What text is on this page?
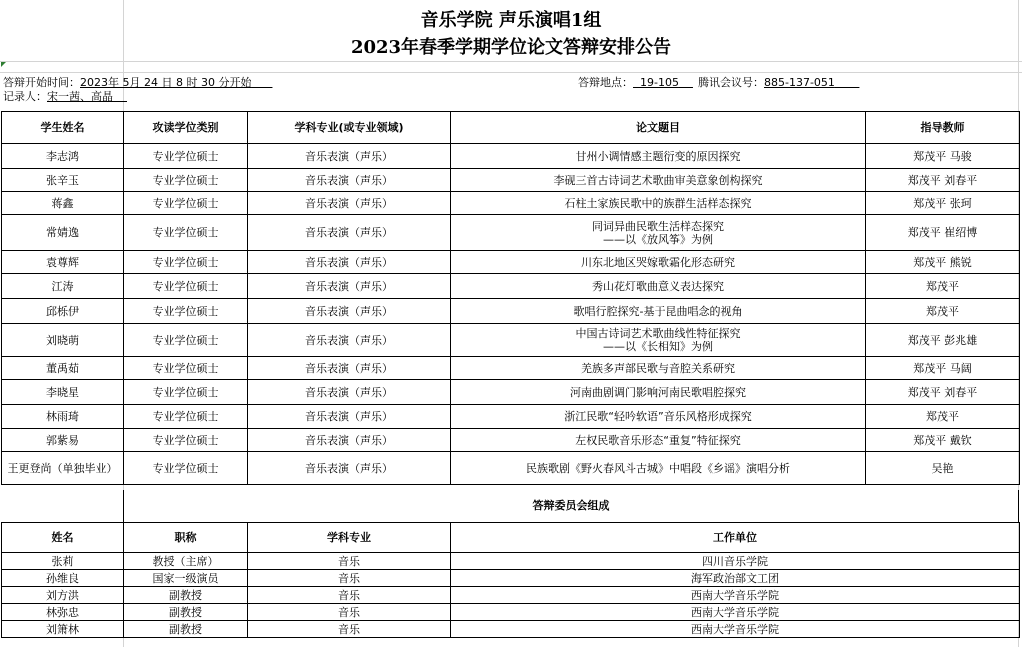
音乐学院 声乐演唱1组
2023年春季学期学位论文答辩安排公告
答辩开始时间：2023年 5月 24 日 8 时 30 分开始	答辩地点： 19-105	腾讯会议号：885-137-051
记录人：宋一茜、高晶
学生姓名	攻读学位类别	学科专业(或专业领域)	论文题目	指导教师
李志鸿	专业学位硕士	音乐表演（声乐）	甘州小调情感主题衍变的原因探究	郑茂平 马骏
张辛玉	专业学位硕士	音乐表演（声乐）	李砚三首古诗词艺术歌曲审美意象创构探究	郑茂平 刘春平
蒋鑫	专业学位硕士	音乐表演（声乐）	石柱土家族民歌中的族群生活样态探究	郑茂平 张珂
常婧逸	专业学位硕士	音乐表演（声乐）	同词异曲民歌生活样态探究
——以《放风筝》为例	郑茂平 崔绍博
袁尊辉	专业学位硕士	音乐表演（声乐）	川东北地区哭嫁歌霜化形态研究	郑茂平 熊锐
江涛	专业学位硕士	音乐表演（声乐）	秀山花灯歌曲意义表达探究	郑茂平
邱栎伊	专业学位硕士	音乐表演（声乐）	歌唱行腔探究-基于昆曲唱念的视角	郑茂平
刘晓萌	专业学位硕士	音乐表演（声乐）	中国古诗词艺术歌曲线性特征探究
——以《长相知》为例	郑茂平 彭兆雄
董禹茹	专业学位硕士	音乐表演（声乐）	羌族多声部民歌与音腔关系研究	郑茂平 马阔
李晓星	专业学位硕士	音乐表演（声乐）	河南曲剧调门影响河南民歌唱腔探究	郑茂平 刘春平
林雨琦	专业学位硕士	音乐表演（声乐）	浙江民歌“轻吟软语”音乐风格形成探究	郑茂平
郭紫易	专业学位硕士	音乐表演（声乐）	左权民歌音乐形态“重复”特征探究	郑茂平 戴钦
王更登尚（单独毕业）	专业学位硕士	音乐表演（声乐）	民族歌剧《野火春风斗古城》中唱段《乡谣》演唱分析	吴艳
姓名	职称	学科专业	工作单位
张莉	教授（主席）	音乐	四川音乐学院
孙维良	国家一级演员	音乐	海军政治部文工团
刘方洪	副教授	音乐	西南大学音乐学院
林弥忠	副教授	音乐	西南大学音乐学院
刘箫林	副教授	音乐	西南大学音乐学院
答辩委员会组成
